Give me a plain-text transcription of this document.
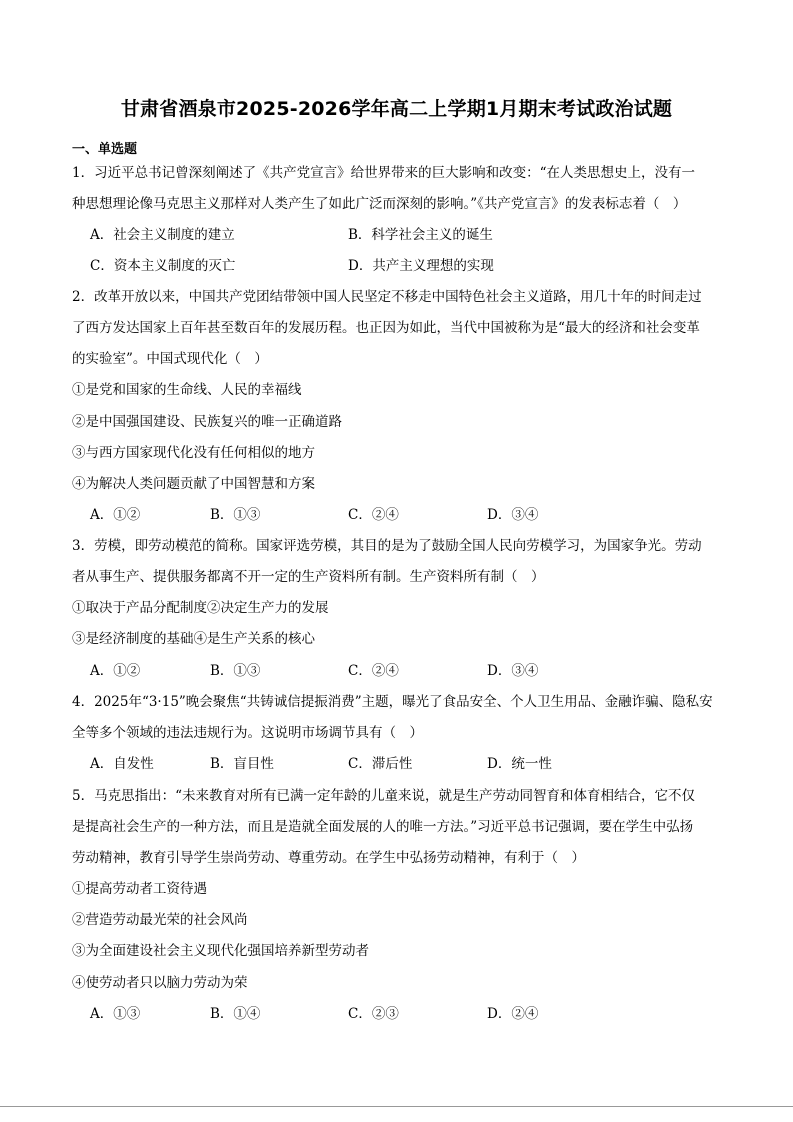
甘肃省酒泉市2025-2026学年高二上学期1月期末考试政治试题
一、单选题
1．习近平总书记曾深刻阐述了《共产党宣言》给世界带来的巨大影响和改变：“在人类思想史上，没有一
种思想理论像马克思主义那样对人类产生了如此广泛而深刻的影响。”《共产党宣言》的发表标志着（　）
A．社会主义制度的建立	B．科学社会主义的诞生
C．资本主义制度的灭亡	D．共产主义理想的实现
2．改革开放以来，中国共产党团结带领中国人民坚定不移走中国特色社会主义道路，用几十年的时间走过
了西方发达国家上百年甚至数百年的发展历程。也正因为如此，当代中国被称为是“最大的经济和社会变革
的实验室”。中国式现代化（　）
①是党和国家的生命线、人民的幸福线
②是中国强国建设、民族复兴的唯一正确道路
③与西方国家现代化没有任何相似的地方
④为解决人类问题贡献了中国智慧和方案
A．①②	B．①③	C．②④	D．③④
3．劳模，即劳动模范的简称。国家评选劳模，其目的是为了鼓励全国人民向劳模学习，为国家争光。劳动
者从事生产、提供服务都离不开一定的生产资料所有制。生产资料所有制（　）
①取决于产品分配制度②决定生产力的发展
③是经济制度的基础④是生产关系的核心
A．①②	B．①③	C．②④	D．③④
4．2025年“3·15”晚会聚焦“共铸诚信提振消费”主题，曝光了食品安全、个人卫生用品、金融诈骗、隐私安
全等多个领域的违法违规行为。这说明市场调节具有（　）
A．自发性	B．盲目性	C．滞后性	D．统一性
5．马克思指出：“未来教育对所有已满一定年龄的儿童来说，就是生产劳动同智育和体育相结合，它不仅
是提高社会生产的一种方法，而且是造就全面发展的人的唯一方法。”习近平总书记强调，要在学生中弘扬
劳动精神，教育引导学生崇尚劳动、尊重劳动。在学生中弘扬劳动精神，有利于（　）
①提高劳动者工资待遇
②营造劳动最光荣的社会风尚
③为全面建设社会主义现代化强国培养新型劳动者
④使劳动者只以脑力劳动为荣
A．①③	B．①④	C．②③	D．②④
